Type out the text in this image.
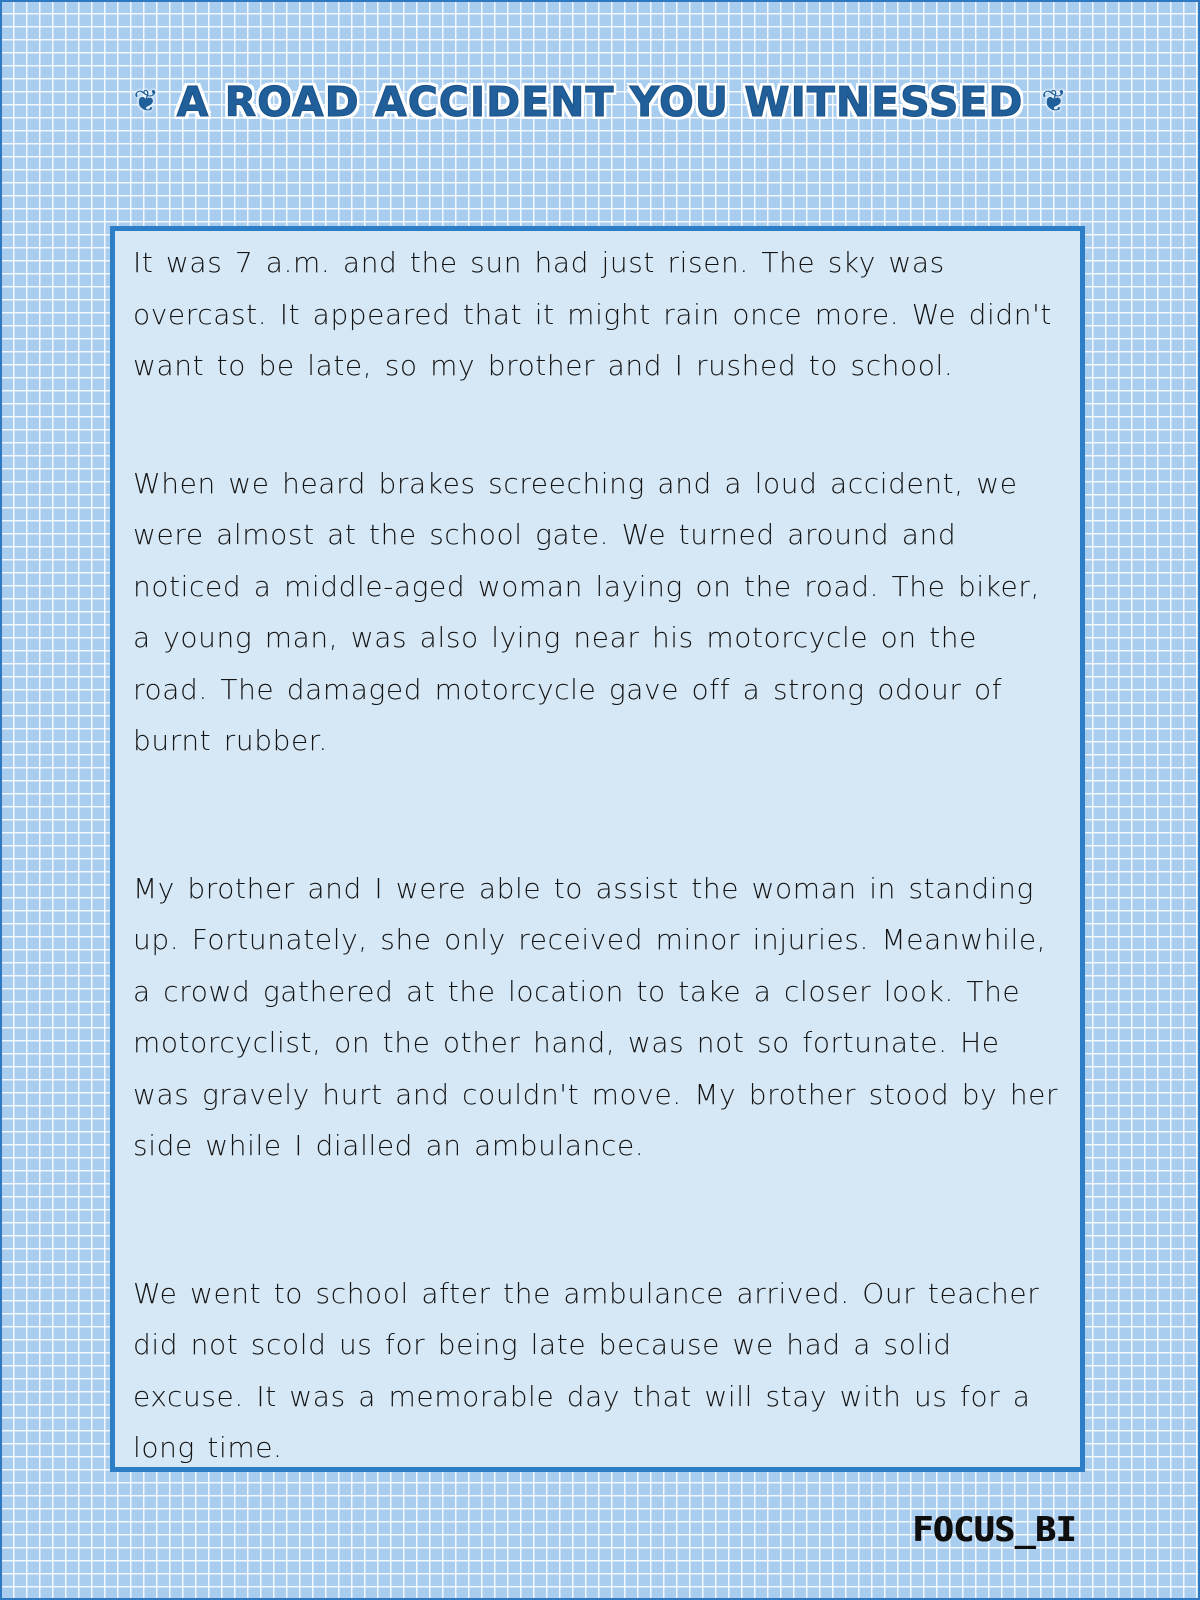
❦ A ROAD ACCIDENT YOU WITNESSED ❦

It was 7 a.m. and the sun had just risen. The sky was overcast. It appeared that it might rain once more. We didn't want to be late, so my brother and I rushed to school.

When we heard brakes screeching and a loud accident, we were almost at the school gate. We turned around and noticed a middle-aged woman laying on the road. The biker, a young man, was also lying near his motorcycle on the road. The damaged motorcycle gave off a strong odour of burnt rubber.

My brother and I were able to assist the woman in standing up. Fortunately, she only received minor injuries. Meanwhile, a crowd gathered at the location to take a closer look. The motorcyclist, on the other hand, was not so fortunate. He was gravely hurt and couldn't move. My brother stood by her side while I dialled an ambulance.

We went to school after the ambulance arrived. Our teacher did not scold us for being late because we had a solid excuse. It was a memorable day that will stay with us for a long time.

FOCUS_BI
